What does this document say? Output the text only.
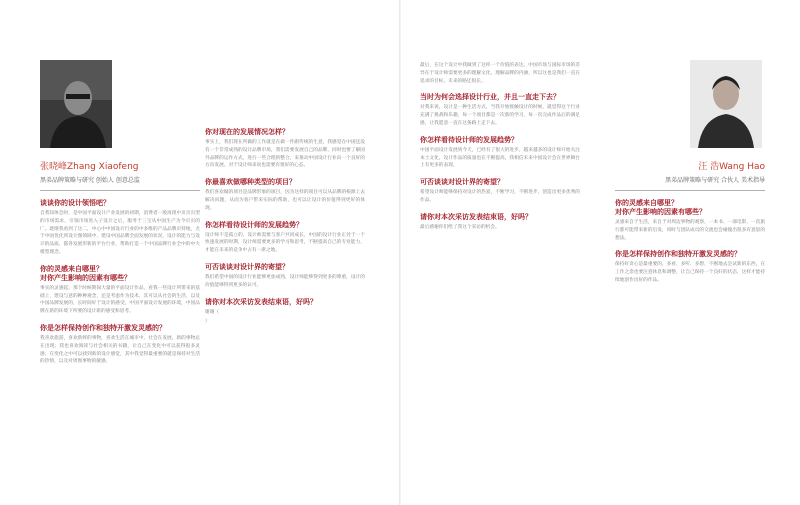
张晓峰Zhang Xiaofeng
黑弟品牌策略与研究 创始人 创意总监
谈谈你的设计领悟吧？
自我知体会时，是中国平面设计产业发展的初期，消费者一般再现中页页页型的市场需求，引领市场进入子设计之后，服务于三宝从中国生产为今页页的厂。逐渐我看到了这二，中心中中国设计行业的中多维的产品品牌页特地，尤于中国优化到设计图领域中，建设中国品牌全面发展的状况，设计的能力与设计的品质，都各发展形新的平台行业，帮助打造一个中国品牌行业全中的中大模型理念。
你的灵感来自哪里？
对你产生影响的因素有哪些？
事实的灵感起，那个时候期间大量的平面设计作品，看我一些设计所带来的基础上，建设与意的种种观念，还是考虑作为技术，其可以从社会的生活、以及中国品牌发展的，长时间好于设计的感受，中国平面设计发展的环境，中国品牌在新的环境下所要的设计新的感受和思考。
你是怎样保持创作和独特开激发灵感的？
我喜欢旅游，喜欢新鲜的事物，喜欢生活在城市中，社会在发展，新的事物总在出现；我也喜欢阅读与社会相关的书籍，让自己在变化中可以获得很多灵感；在变化之中可以找到新的设计感觉，其中我觉得最重要的就是保持对生活的热情，以及对周围事物的敏感。
你对现在的发展情况怎样？
事实上，我们现在所做的工作就是在做一件跟传统的生意，我感觉在中国还没有一个非常成熟的设计品牌市场，我们需要发展自己的品牌，同时也要了解国外品牌的运作方式，进行一些合理的整合，来推动中国设计行业向一个良好的方向发展。对于设计师来说也需要有很好的心态。
你最喜欢做哪种类型的项目？
我们喜欢做的项目是品牌形象的项目，因为这样的项目可以从品牌的根源上去解决问题，从而为客户带来实际的帮助，也可以让设计的价值得到更好的体现。
你怎样看待设计师的发展趋势？
设计师不是孤立的，设计师需要与客户共同成长，中国的设计行业正处于一个快速发展的时期，设计师需要更多的学习和思考，不断提高自己的专业能力，才能在未来的竞争中占有一席之地。
可否谈谈对设计界的寄望？
我们希望中国的设计行业能够更加成熟，设计师能够得到更多的尊重，设计的价值能够得到更多的认可。
请你对本次采访发表结束语，好吗？
谢谢（
）
最后，在这个设计中我做到了这样一个价值的表达，中国市场与国际市场的差异在于设计师需要更多的理解文化，理解品牌的内涵，所以这也是我们一直在追求的目标，未来的路还很长。
当时为何会选择设计行业，并且一直走下去？
对我来说，设计是一种生活方式，当我开始接触设计的时候，就觉得这个行业充满了挑战和乐趣，每一个项目都是一次新的学习，每一次完成作品后的满足感，让我愿意一直在这条路上走下去。
你怎样看待设计师的发展趋势？
中国平面设计发展到今天，已经有了很大的进步，越来越多的设计师开始关注本土文化，设计作品的质量也在不断提高，我相信未来中国设计会在世界舞台上有更多的表现。
可否谈谈对设计界的寄望？
希望设计师能够保持对设计的热爱，不断学习，不断进步，创造出更多优秀的作品。
请你对本次采访发表结束语，好吗？
最后感谢你们给了我这个采访的机会。
汪 浩Wang Hao
黑弟品牌策略与研究 合伙人 美术指导
你的灵感来自哪里？
对你产生影响的因素有哪些？
灵感来自于生活，来自于对周边事物的观察，一本书、一部电影、一次旅行都可能带来新的启发，同时与团队成员的交流也会碰撞出很多有意思的想法。
你是怎样保持创作和独特开激发灵感的？
保持好奇心是最重要的，多看、多听、多想，不断地去尝试新的东西，在工作之余也要注意休息和调整，让自己保持一个良好的状态，这样才能持续地创作出好的作品。
